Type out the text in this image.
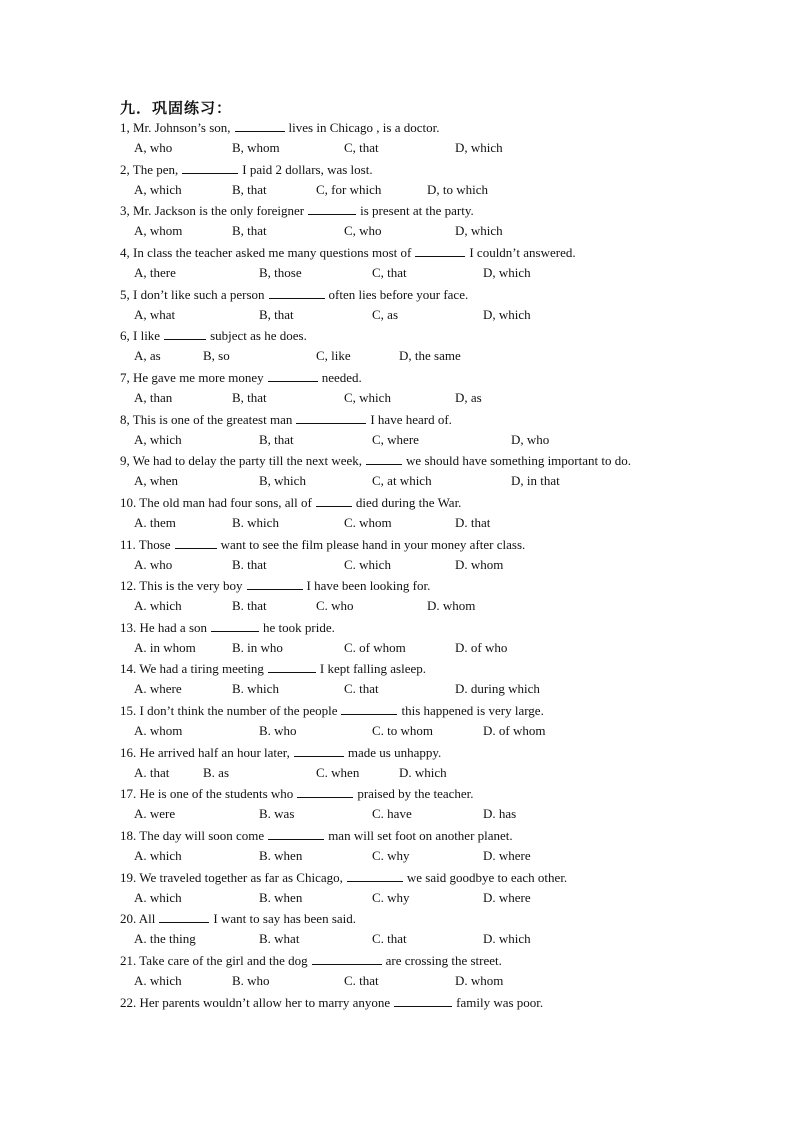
九．巩固练习：
1, Mr. Johnson’s son,	lives in Chicago , is a doctor.
A, who	B, whom	C, that	D, which
2, The pen,	I paid 2 dollars, was lost.
A, which	B, that	C, for which	D, to which
3, Mr. Jackson is the only foreigner	is present at the party.
A, whom	B, that	C, who	D, which
4, In class the teacher asked me many questions most of	I couldn’t answered.
A, there	B, those	C, that	D, which
5, I don’t like such a person	often lies before your face.
A, what	B, that	C, as	D, which
6, I like	subject as he does.
A, as	B, so	C, like	D, the same
7, He gave me more money	needed.
A, than	B, that	C, which	D, as
8, This is one of the greatest man	I have heard of.
A, which	B, that	C, where	D, who
9, We had to delay the party till the next week,	we should have something important to do.
A, when	B, which	C, at which	D, in that
10. The old man had four sons, all of	died during the War.
A. them	B. which	C. whom	D. that
11. Those	want to see the film please hand in your money after class.
A. who	B. that	C. which	D. whom
12. This is the very boy	I have been looking for.
A. which	B. that	C. who	D. whom
13. He had a son	he took pride.
A. in whom	B. in who	C. of whom	D. of who
14. We had a tiring meeting	I kept falling asleep.
A. where	B. which	C. that	D. during which
15. I don’t think the number of the people	this happened is very large.
A. whom	B. who	C. to whom	D. of whom
16. He arrived half an hour later,	made us unhappy.
A. that	B. as	C. when	D. which
17. He is one of the students who	praised by the teacher.
A. were	B. was	C. have	D. has
18. The day will soon come	man will set foot on another planet.
A. which	B. when	C. why	D. where
19. We traveled together as far as Chicago,	we said goodbye to each other.
A. which	B. when	C. why	D. where
20. All	I want to say has been said.
A. the thing	B. what	C. that	D. which
21. Take care of the girl and the dog	are crossing the street.
A. which	B. who	C. that	D. whom
22. Her parents wouldn’t allow her to marry anyone	family was poor.
